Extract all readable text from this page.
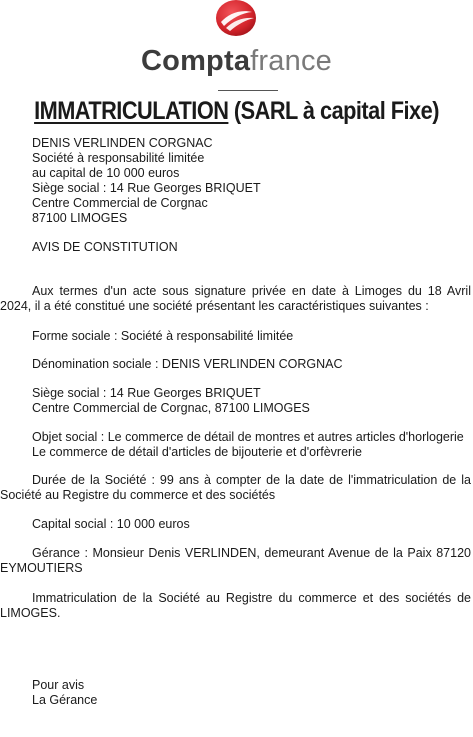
Comptafrance
IMMATRICULATION (SARL à capital Fixe)
DENIS VERLINDEN CORGNAC
Société à responsabilité limitée
au capital de 10 000 euros
Siège social : 14 Rue Georges BRIQUET
Centre Commercial de Corgnac
87100 LIMOGES
AVIS DE CONSTITUTION
Aux termes d'un acte sous signature privée en date à Limoges du 18 Avril 2024, il a été constitué une société présentant les caractéristiques suivantes :
Forme sociale : Société à responsabilité limitée
Dénomination sociale : DENIS VERLINDEN CORGNAC
Siège social : 14 Rue Georges BRIQUET
Centre Commercial de Corgnac, 87100 LIMOGES
Objet social : Le commerce de détail de montres et autres articles d'horlogerie
Le commerce de détail d'articles de bijouterie et d'orfèvrerie
Durée de la Société : 99 ans à compter de la date de l'immatriculation de la Société au Registre du commerce et des sociétés
Capital social : 10 000 euros
Gérance : Monsieur Denis VERLINDEN, demeurant Avenue de la Paix 87120 EYMOUTIERS
Immatriculation de la Société au Registre du commerce et des sociétés de LIMOGES.
Pour avis
La Gérance
